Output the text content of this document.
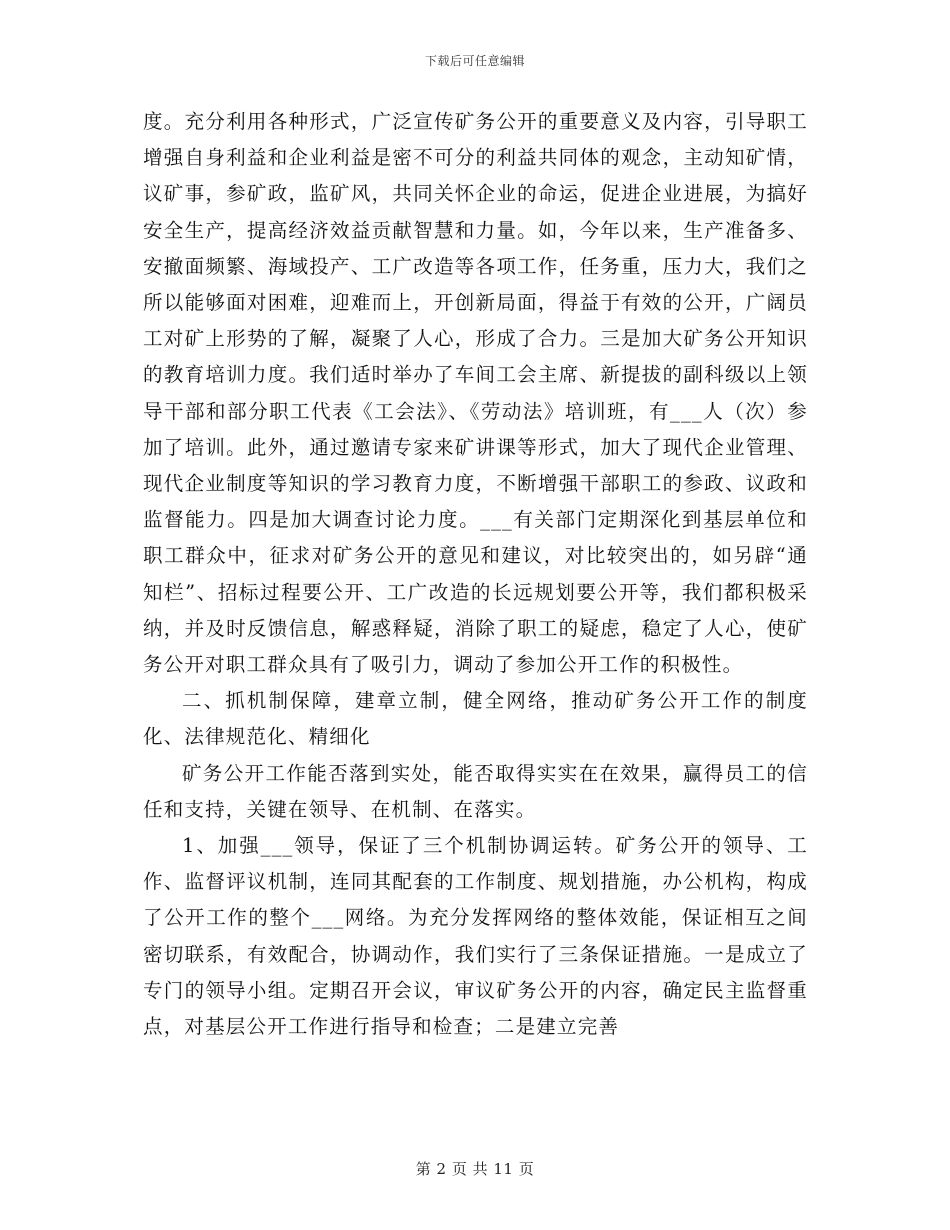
下载后可任意编辑

度。充分利用各种形式，广泛宣传矿务公开的重要意义及内容，引导职工增强自身利益和企业利益是密不可分的利益共同体的观念，主动知矿情，议矿事，参矿政，监矿风，共同关怀企业的命运，促进企业进展，为搞好安全生产，提高经济效益贡献智慧和力量。如，今年以来，生产准备多、安撤面频繁、海域投产、工广改造等各项工作，任务重，压力大，我们之所以能够面对困难，迎难而上，开创新局面，得益于有效的公开，广阔员工对矿上形势的了解，凝聚了人心，形成了合力。三是加大矿务公开知识的教育培训力度。我们适时举办了车间工会主席、新提拔的副科级以上领导干部和部分职工代表《工会法》、《劳动法》培训班，有___人（次）参加了培训。此外，通过邀请专家来矿讲课等形式，加大了现代企业管理、现代企业制度等知识的学习教育力度，不断增强干部职工的参政、议政和监督能力。四是加大调查讨论力度。___有关部门定期深化到基层单位和职工群众中，征求对矿务公开的意见和建议，对比较突出的，如另辟“通知栏”、招标过程要公开、工广改造的长远规划要公开等，我们都积极采纳，并及时反馈信息，解惑释疑，消除了职工的疑虑，稳定了人心，使矿务公开对职工群众具有了吸引力，调动了参加公开工作的积极性。

二、抓机制保障，建章立制，健全网络，推动矿务公开工作的制度化、法律规范化、精细化

矿务公开工作能否落到实处，能否取得实实在在效果，赢得员工的信任和支持，关键在领导、在机制、在落实。

1、加强___领导，保证了三个机制协调运转。矿务公开的领导、工作、监督评议机制，连同其配套的工作制度、规划措施，办公机构，构成了公开工作的整个___网络。为充分发挥网络的整体效能，保证相互之间密切联系，有效配合，协调动作，我们实行了三条保证措施。一是成立了专门的领导小组。定期召开会议，审议矿务公开的内容，确定民主监督重点，对基层公开工作进行指导和检查；二是建立完善

第 2 页 共 11 页
